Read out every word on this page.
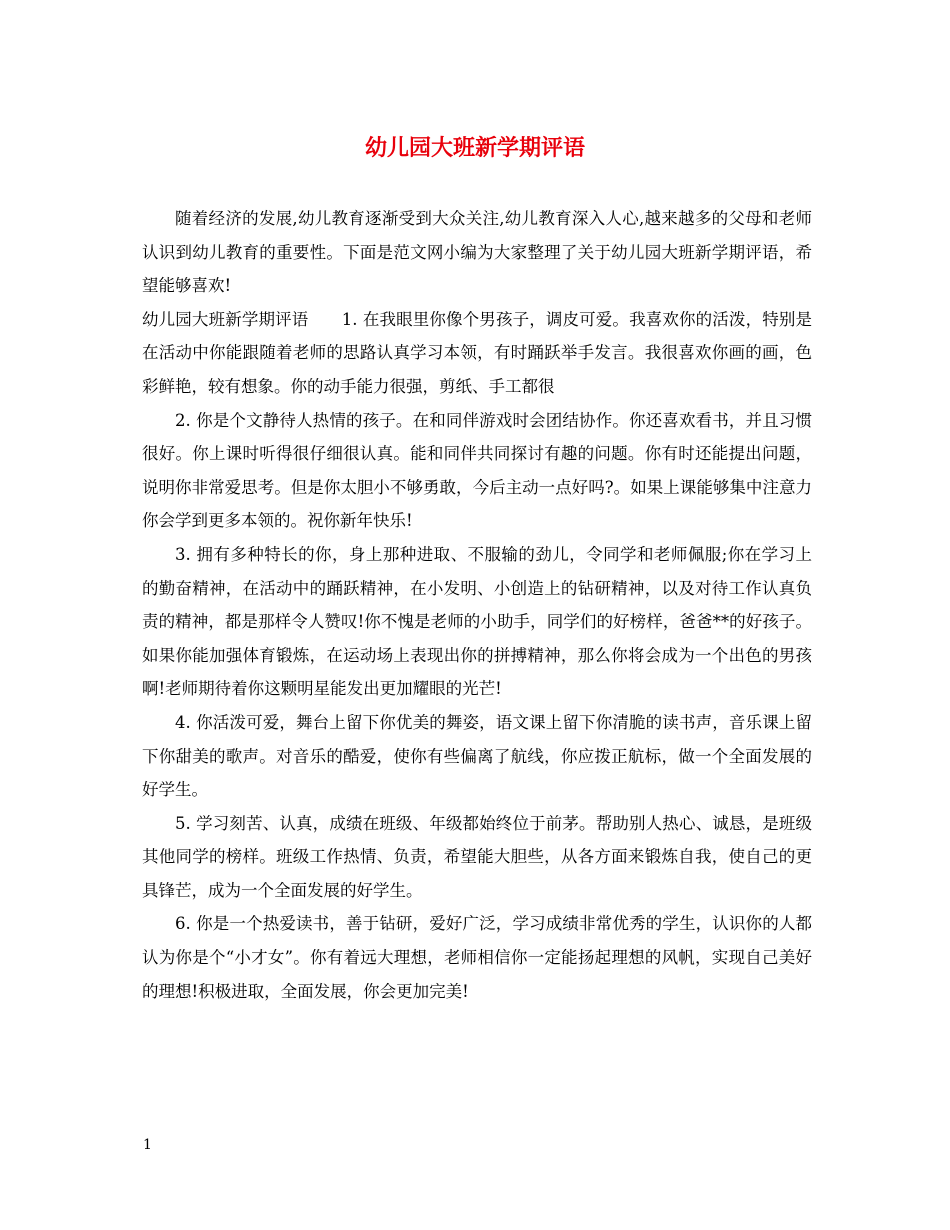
幼儿园大班新学期评语

随着经济的发展,幼儿教育逐渐受到大众关注,幼儿教育深入人心,越来越多的父母和老师认识到幼儿教育的重要性。下面是范文网小编为大家整理了关于幼儿园大班新学期评语，希望能够喜欢!

幼儿园大班新学期评语　　1. 在我眼里你像个男孩子，调皮可爱。我喜欢你的活泼，特别是在活动中你能跟随着老师的思路认真学习本领，有时踊跃举手发言。我很喜欢你画的画，色彩鲜艳，较有想象。你的动手能力很强，剪纸、手工都很

2. 你是个文静待人热情的孩子。在和同伴游戏时会团结协作。你还喜欢看书，并且习惯很好。你上课时听得很仔细很认真。能和同伴共同探讨有趣的问题。你有时还能提出问题，说明你非常爱思考。但是你太胆小不够勇敢，今后主动一点好吗?。如果上课能够集中注意力你会学到更多本领的。祝你新年快乐!

3. 拥有多种特长的你，身上那种进取、不服输的劲儿，令同学和老师佩服;你在学习上的勤奋精神，在活动中的踊跃精神，在小发明、小创造上的钻研精神，以及对待工作认真负责的精神，都是那样令人赞叹!你不愧是老师的小助手，同学们的好榜样，爸爸**的好孩子。如果你能加强体育锻炼，在运动场上表现出你的拼搏精神，那么你将会成为一个出色的男孩啊!老师期待着你这颗明星能发出更加耀眼的光芒!

4. 你活泼可爱，舞台上留下你优美的舞姿，语文课上留下你清脆的读书声，音乐课上留下你甜美的歌声。对音乐的酷爱，使你有些偏离了航线，你应拨正航标，做一个全面发展的好学生。

5. 学习刻苦、认真，成绩在班级、年级都始终位于前茅。帮助别人热心、诚恳，是班级其他同学的榜样。班级工作热情、负责，希望能大胆些，从各方面来锻炼自我，使自己的更具锋芒，成为一个全面发展的好学生。

6. 你是一个热爱读书，善于钻研，爱好广泛，学习成绩非常优秀的学生，认识你的人都认为你是个“小才女”。你有着远大理想，老师相信你一定能扬起理想的风帆，实现自己美好的理想!积极进取，全面发展，你会更加完美!

1
